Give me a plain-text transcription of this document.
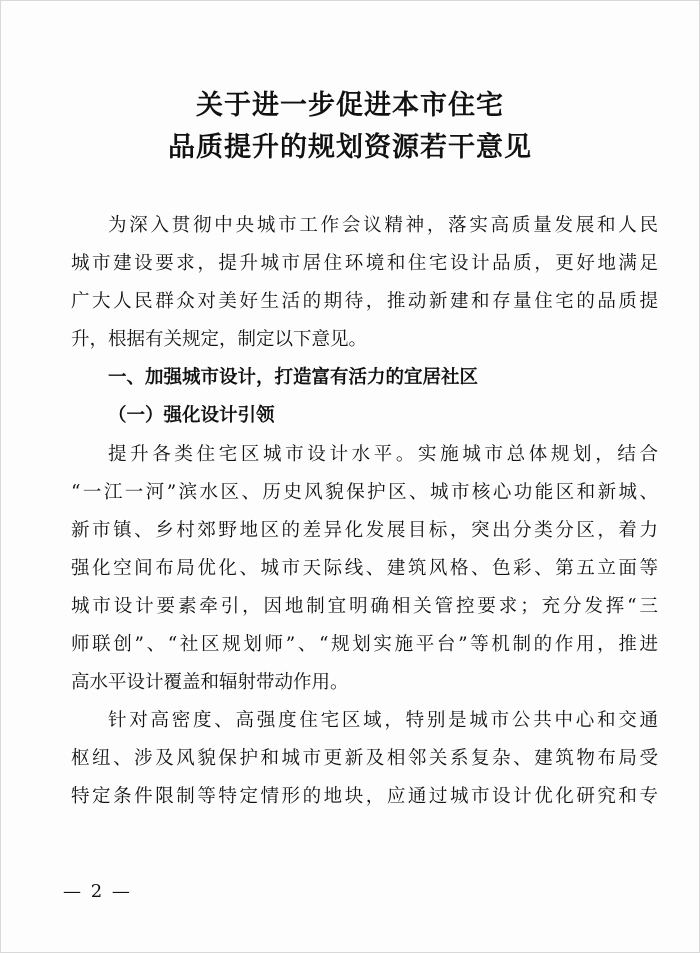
关于进一步促进本市住宅
品质提升的规划资源若干意见
为深入贯彻中央城市工作会议精神，落实高质量发展和人民
城市建设要求，提升城市居住环境和住宅设计品质，更好地满足
广大人民群众对美好生活的期待，推动新建和存量住宅的品质提
升，根据有关规定，制定以下意见。
一、加强城市设计，打造富有活力的宜居社区
（一）强化设计引领
提升各类住宅区城市设计水平。实施城市总体规划，结合
“一江一河”滨水区、历史风貌保护区、城市核心功能区和新城、
新市镇、乡村郊野地区的差异化发展目标，突出分类分区，着力
强化空间布局优化、城市天际线、建筑风格、色彩、第五立面等
城市设计要素牵引，因地制宜明确相关管控要求；充分发挥“三
师联创”、“社区规划师”、“规划实施平台”等机制的作用，推进
高水平设计覆盖和辐射带动作用。
针对高密度、高强度住宅区域，特别是城市公共中心和交通
枢纽、涉及风貌保护和城市更新及相邻关系复杂、建筑物布局受
特定条件限制等特定情形的地块，应通过城市设计优化研究和专
— 2 —
